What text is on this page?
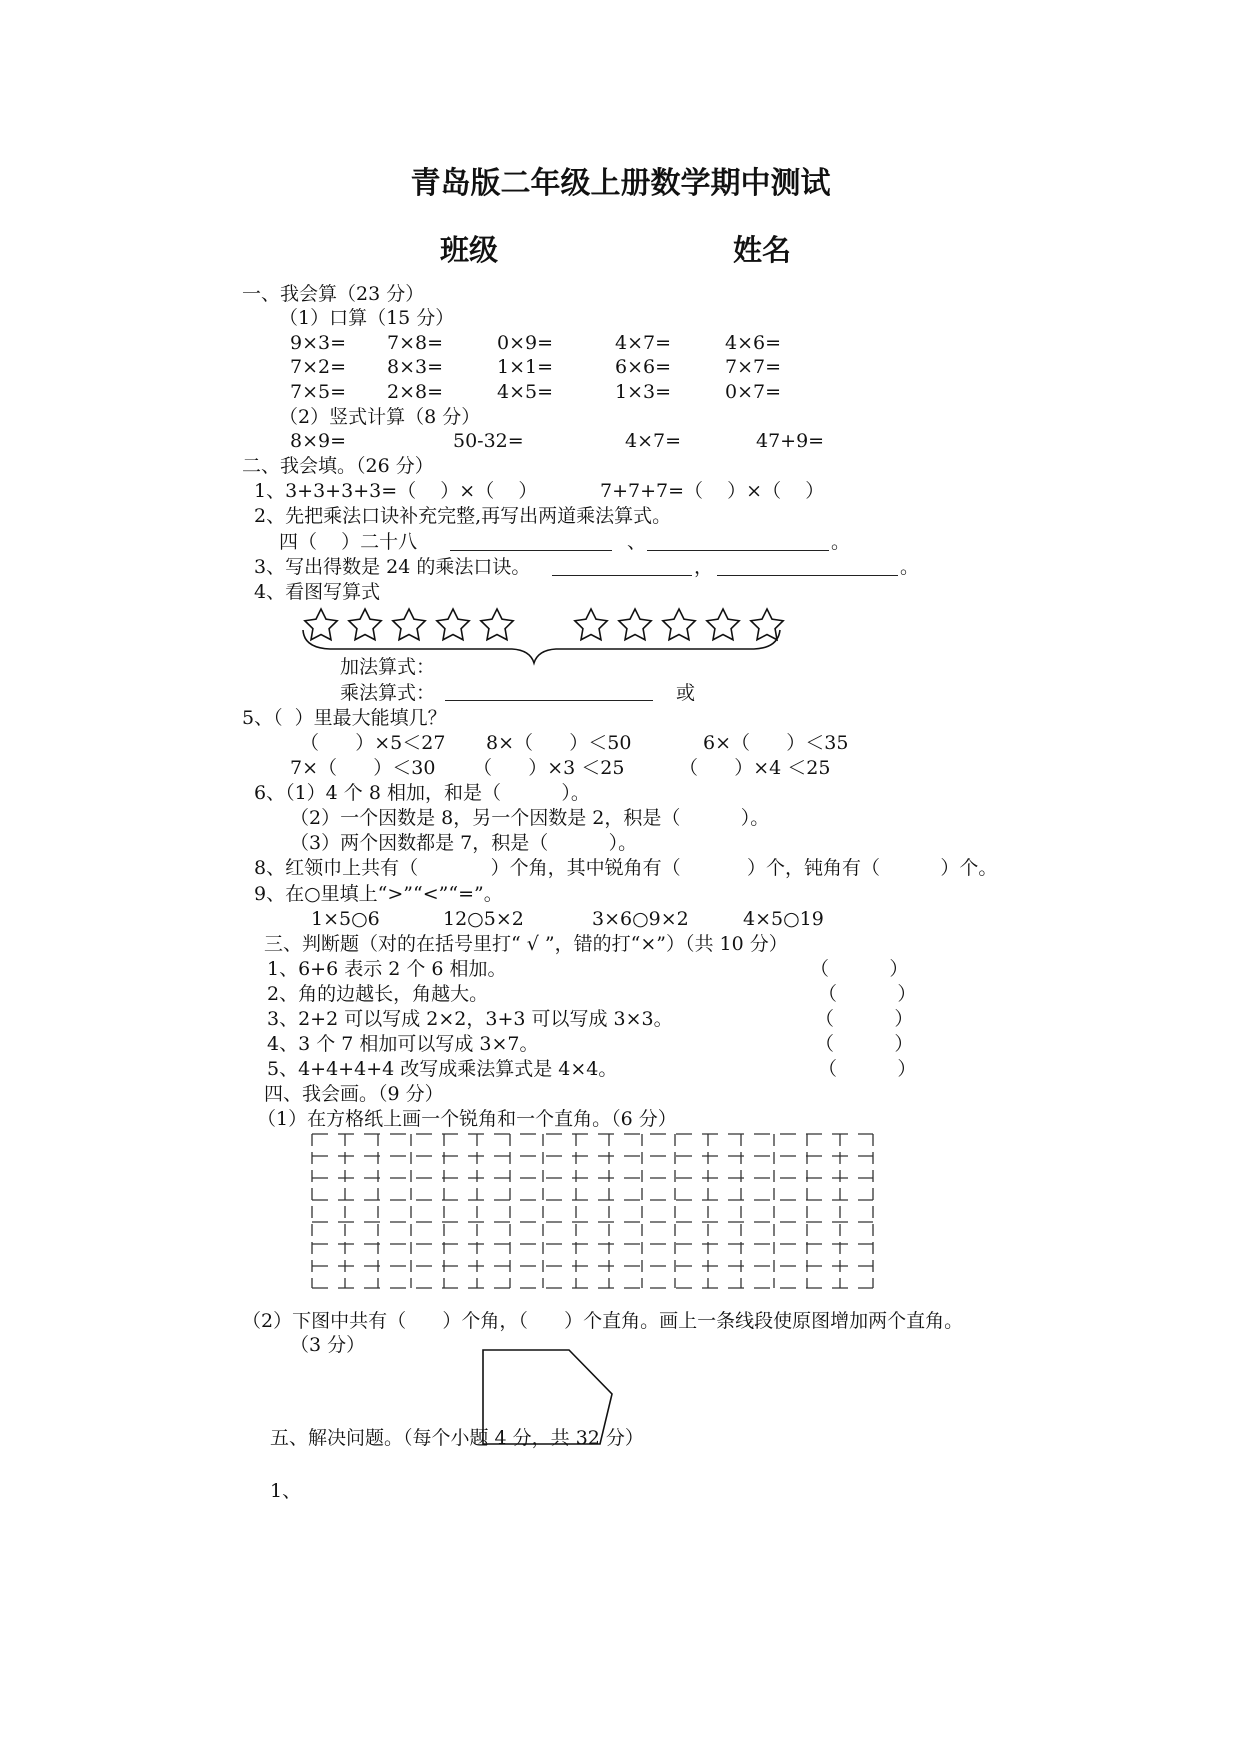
青岛版二年级上册数学期中测试
班级	姓名
一、我会算（23 分）
（1）口算（15 分）
9×3= 7×8=	0×9=	4×7=	4×6=
7×2= 8×3=	1×1=	6×6=	7×7=
7×5= 2×8=	4×5=	1×3=	0×7=
（2）竖式计算（8 分）
8×9=	50-32=	4×7=	47+9=
二、我会填。（26 分）
1、3+3+3+3=（    ）×（    ）	7+7+7=（    ）×（    ）
2、先把乘法口诀补充完整,再写出两道乘法算式。
四（    ）二十八	、	。
3、写出得数是 24 的乘法口诀。	，	。
4、看图写算式
加法算式：
乘法算式：	或
5、（  ）里最大能填几？
（      ）×5＜27 8×（      ）＜50	6×（      ）＜35
7×（      ）＜30 （      ）×3 ＜25	（      ）×4 ＜25
6、（1）4 个 8 相加，和是（          ）。
（2）一个因数是 8，另一个因数是 2，积是（          ）。
（3）两个因数都是 7，积是（          ）。
8、红领巾上共有（            ）个角，其中锐角有（           ）个，钝角有（          ）个。
9、在○里填上“>”“<”“=”。
1×5○6	12○5×2	3×6○9×2	4×5○19
三、判断题（对的在括号里打“ √ ”，错的打“×”）（共 10 分）
1、6+6 表示 2 个 6 相加。	（          ）
2、角的边越长，角越大。	（          ）
3、2+2 可以写成 2×2，3+3 可以写成 3×3。	（          ）
4、3 个 7 相加可以写成 3×7。	（          ）
5、4+4+4+4 改写成乘法算式是 4×4。	（          ）
四、我会画。（9 分）
（1）在方格纸上画一个锐角和一个直角。（6 分）
（2）下图中共有（      ）个角，（      ）个直角。画上一条线段使原图增加两个直角。
（3 分）
五、解决问题。（每个小题 4 分，共 32 分）
1、
